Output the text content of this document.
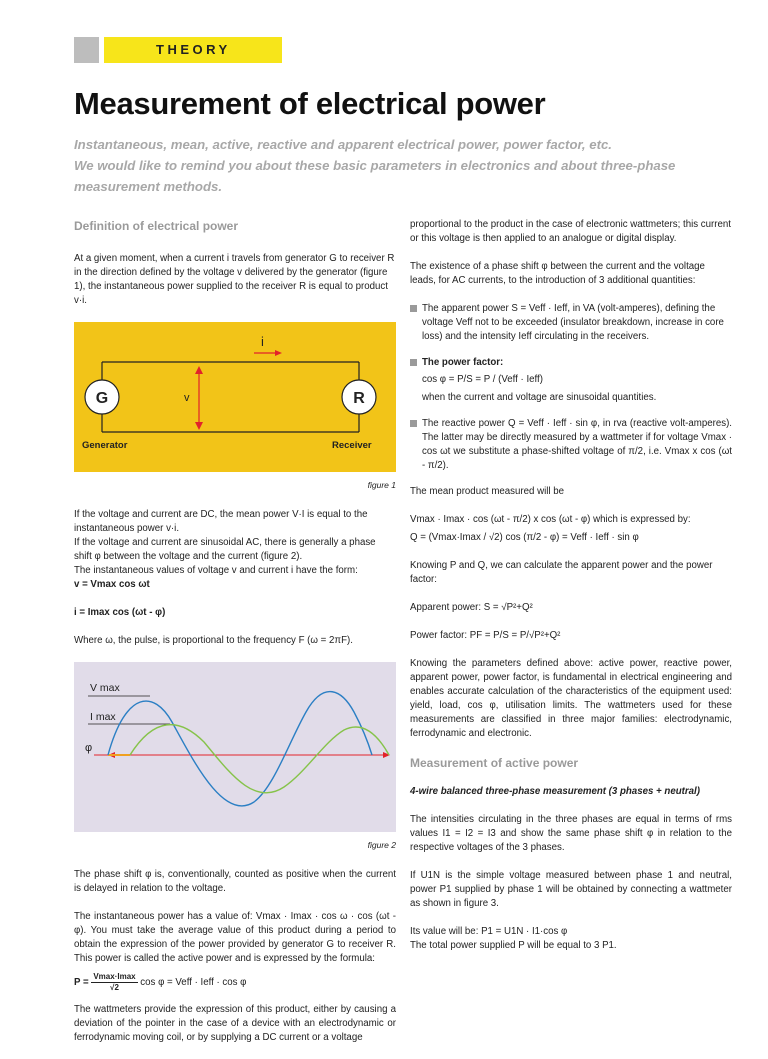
THEORY
Measurement of electrical power
Instantaneous, mean, active, reactive and apparent electrical power, power factor, etc.
We would like to remind you about these basic parameters in electronics and about three-phase measurement methods.
Definition of electrical power

At a given moment, when a current i travels from generator G to receiver R in the direction defined by the voltage v delivered by the generator (figure 1), the instantaneous power supplied to the receiver R is equal to product v·i.

G	R
v
i
Generator	Receiver
figure 1

If the voltage and current are DC, the mean power V·I is equal to the instantaneous power v·i.

If the voltage and current are sinusoidal AC, there is generally a phase shift φ between the voltage and the current (figure 2).

The instantaneous values of voltage v and current i have the form:

v = Vmax cos ωt

i = Imax cos (ωt - φ)

Where ω, the pulse, is proportional to the frequency F (ω = 2πF).

V max
I max
φ
figure 2

The phase shift φ is, conventionally, counted as positive when the current is delayed in relation to the voltage.

The instantaneous power has a value of: Vmax · Imax · cos ω · cos (ωt - φ). You must take the average value of this product during a period to obtain the expression of the power provided by generator G to receiver R. This power is called the active power and is expressed by the formula:

$P = \frac{Vmax\cdot Imax}{√2}$ cos φ = Veff · Ieff · cos φ

The wattmeters provide the expression of this product, either by causing a deviation of the pointer in the case of a device with an electrodynamic or ferrodynamic moving coil, or by supplying a DC current or a voltage

proportional to the product in the case of electronic wattmeters; this current or this voltage is then applied to an analogue or digital display.

The existence of a phase shift φ between the current and the voltage leads, for AC currents, to the introduction of 3 additional quantities:

The apparent power S = Veff · Ieff, in VA (volt-amperes), defining the voltage Veff not to be exceeded (insulator breakdown, increase in core loss) and the intensity Ieff circulating in the receivers.
The power factor:
cos φ = P/S = P / (Veff · Ieff)
when the current and voltage are sinusoidal quantities.
The reactive power Q = Veff · Ieff · sin φ, in rva (reactive volt-amperes). The latter may be directly measured by a wattmeter if for voltage Vmax · cos ωt we substitute a phase-shifted voltage of π/2, i.e. Vmax x cos (ωt - π/2).

The mean product measured will be

Vmax · Imax · cos (ωt - π/2) x cos (ωt - φ) which is expressed by:

Q = (Vmax·Imax / √2) cos (π/2 - φ) = Veff · Ieff · sin φ

Knowing P and Q, we can calculate the apparent power and the power factor:

Apparent power: S = √P²+Q²

Power factor: PF = P/S = P/√P²+Q²

Knowing the parameters defined above: active power, reactive power, apparent power, power factor, is fundamental in electrical engineering and enables accurate calculation of the characteristics of the equipment used: yield, load, cos φ, utilisation limits. The wattmeters used for these measurements are classified in three major families: electrodynamic, ferrodynamic and electronic.

Measurement of active power

4-wire balanced three-phase measurement (3 phases + neutral)

The intensities circulating in the three phases are equal in terms of rms values I1 = I2 = I3 and show the same phase shift φ in relation to the respective voltages of the 3 phases.

If U1N is the simple voltage measured between phase 1 and neutral, power P1 supplied by phase 1 will be obtained by connecting a wattmeter as shown in figure 3.

Its value will be: P1 = U1N · I1·cos φ

The total power supplied P will be equal to 3 P1.
